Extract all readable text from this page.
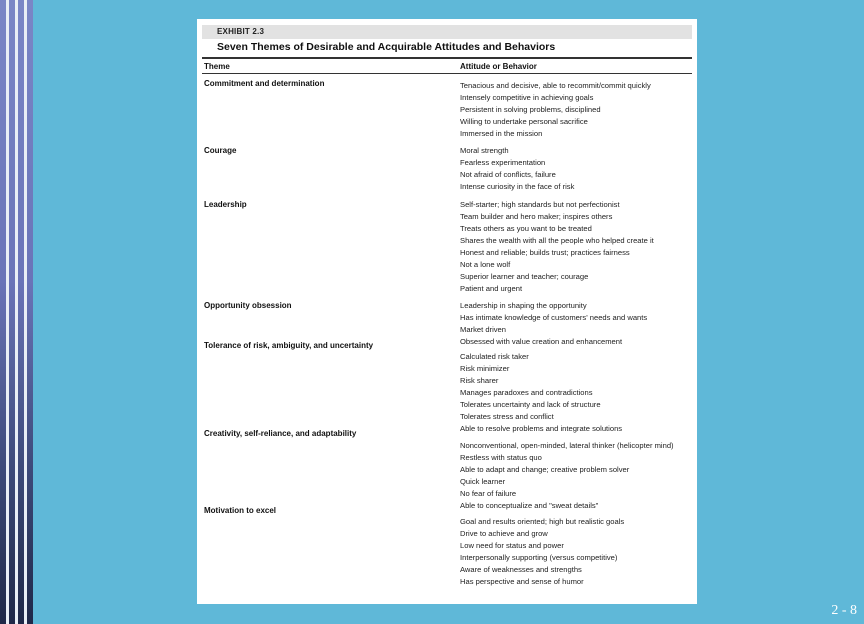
EXHIBIT 2.3
Seven Themes of Desirable and Acquirable Attitudes and Behaviors
Theme	Attitude or Behavior
Commitment and determination
Courage
Leadership
Opportunity obsession
Tolerance of risk, ambiguity, and uncertainty
Creativity, self-reliance, and adaptability
Motivation to excel
Tenacious and decisive, able to recommit/commit quickly
Intensely competitive in achieving goals
Persistent in solving problems, disciplined
Willing to undertake personal sacrifice
Immersed in the mission
Moral strength
Fearless experimentation
Not afraid of conflicts, failure
Intense curiosity in the face of risk
Self-starter; high standards but not perfectionist
Team builder and hero maker; inspires others
Treats others as you want to be treated
Shares the wealth with all the people who helped create it
Honest and reliable; builds trust; practices fairness
Not a lone wolf
Superior learner and teacher; courage
Patient and urgent
Leadership in shaping the opportunity
Has intimate knowledge of customers' needs and wants
Market driven
Obsessed with value creation and enhancement
Calculated risk taker
Risk minimizer
Risk sharer
Manages paradoxes and contradictions
Tolerates uncertainty and lack of structure
Tolerates stress and conflict
Able to resolve problems and integrate solutions
Nonconventional, open-minded, lateral thinker (helicopter mind)
Restless with status quo
Able to adapt and change; creative problem solver
Quick learner
No fear of failure
Able to conceptualize and "sweat details"
Goal and results oriented; high but realistic goals
Drive to achieve and grow
Low need for status and power
Interpersonally supporting (versus competitive)
Aware of weaknesses and strengths
Has perspective and sense of humor
2 - 8
